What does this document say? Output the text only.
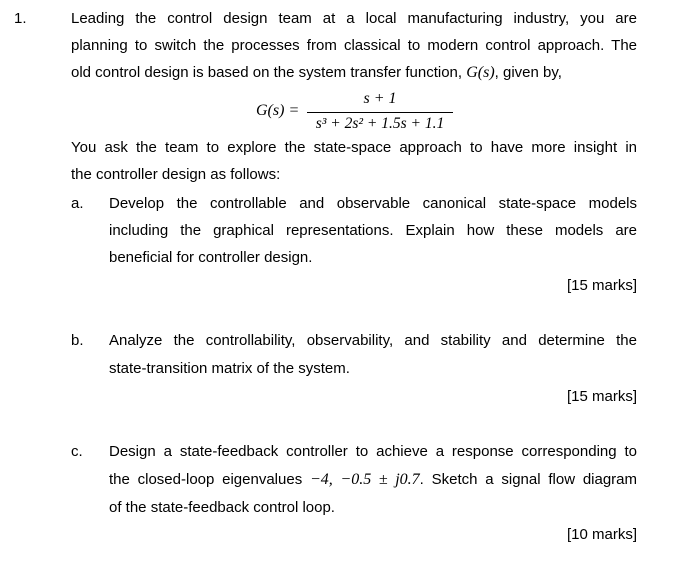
1.	Leading the control design team at a local manufacturing industry, you are
planning to switch the processes from classical to modern control approach. The
old control design is based on the system transfer function, G(s), given by,
G(s) =
s + 1
s³ + 2s² + 1.5s + 1.1
You ask the team to explore the state-space approach to have more insight in
the controller design as follows:
a. Develop the controllable and observable canonical state-space models
including the graphical representations. Explain how these models are
beneficial for controller design.
[15 marks]
b. Analyze the controllability, observability, and stability and determine the
state-transition matrix of the system.
[15 marks]
c. Design a state-feedback controller to achieve a response corresponding to
the closed-loop eigenvalues −4, −0.5 ± j0.7. Sketch a signal flow diagram
of the state-feedback control loop.
[10 marks]
